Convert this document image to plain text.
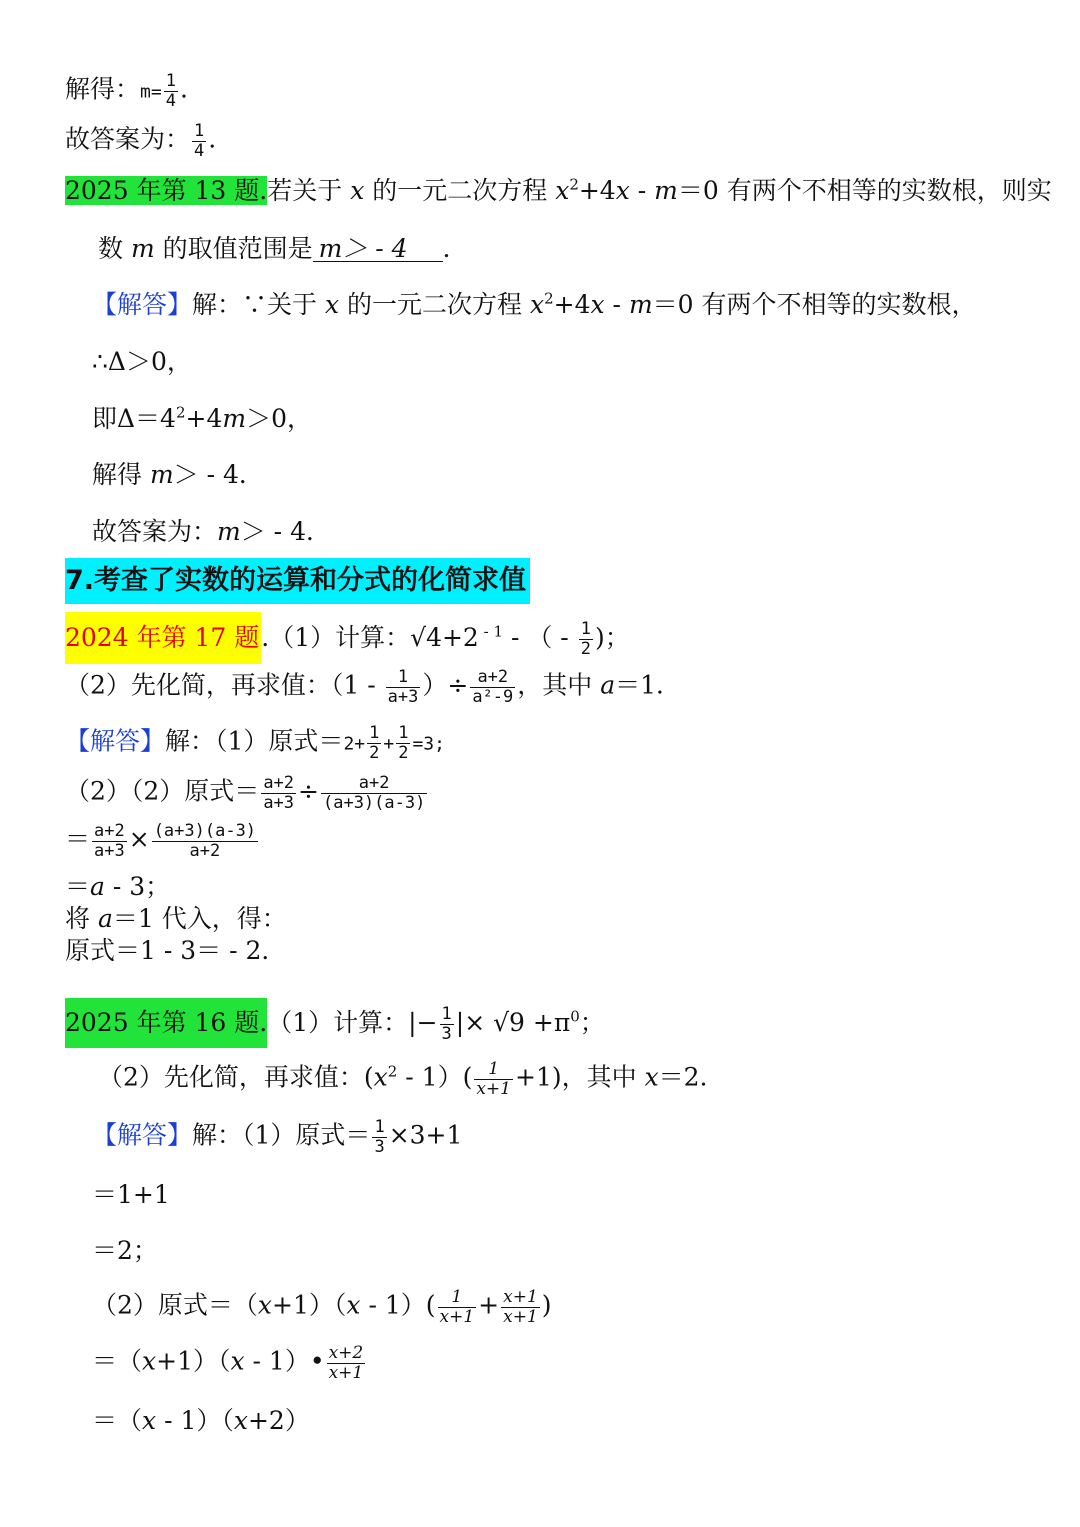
解得：$m= \frac{1}{4}$ .
故答案为： $\frac{1}{4}$ .
2025 年第 13 题.若关于 x 的一元二次方程 $x^2+4x - m=0$ 有两个不相等的实数根，则实
数 m 的取值范围是 m＞ - 4 ．
【解答】解：∵关于 x 的一元二次方程 $x^2+4x - m=0$ 有两个不相等的实数根，
∴Δ＞0，
即$\Delta=4^2+4m>0$，
解得 m＞ - 4．
故答案为：m＞ - 4．
7.考查了实数的运算和分式的化简求值
2024 年第 17 题.（1）计算：√4+2 $^{- 1}$ - （ - $\frac{1}{2}$ )；
（2）先化简，再求值：（$1 - \frac{1}{a+3}$ ）÷ $\frac{a+2}{\text{a²-9}}$ ，其中 a＝1．
【解答】解：（1）原式$=2+ \frac{1}{2} + \frac{1}{2} =3$;
（2）（2）原式＝ $\frac{a+2}{a+3} \div \frac{a+2}{(a+3)(a-3)}$
＝ $\frac{a+2}{a+3} \times \frac{(a+3)(a-3)}{a+2}$
＝a - 3；
将 a＝1 代入，得：
原式＝1 - 3＝ - 2．
2025 年第 16 题.（1）计算：|− $\frac{1}{3}$ |× $√9 +\pi^0$；
（2）先化简，再求值：$(x^2 - 1)( \frac{1}{x+1} +1)$，其中 x＝2．
【解答】解：（1）原式＝ $\frac{1}{3} \times 3+1$
＝1+1
＝2；
（2）原式$=(x+1)(x - 1)( \frac{1}{x+1} + \frac{x+1}{x+1}$ )
＝（x+1）（x - 1）• $\frac{x+2}{x+1}$
＝（x - 1）（x+2）
